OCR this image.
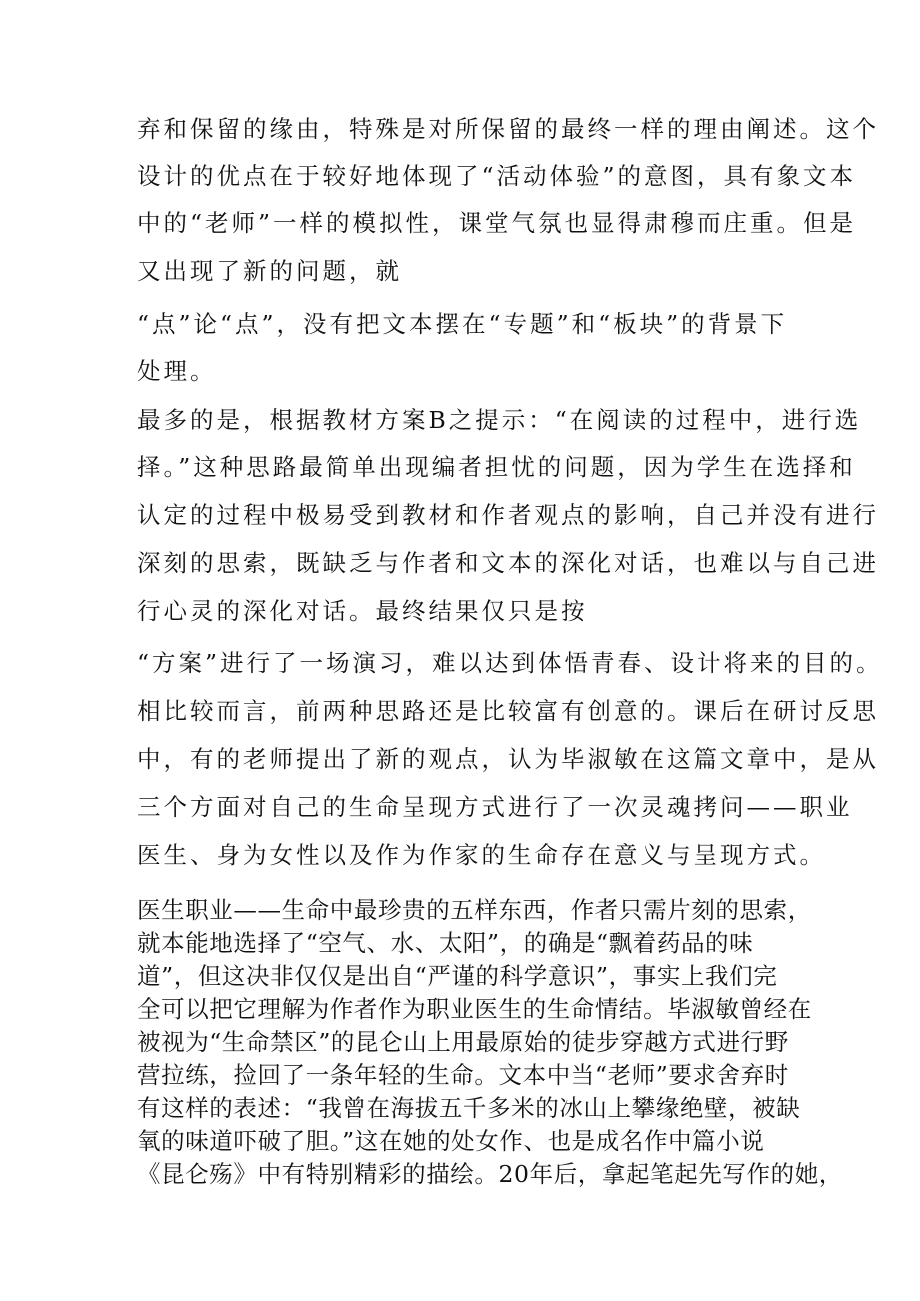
弃和保留的缘由，特殊是对所保留的最终一样的理由阐述。这个
设计的优点在于较好地体现了“活动体验”的意图，具有象文本
中的“老师”一样的模拟性，课堂气氛也显得肃穆而庄重。但是
又出现了新的问题，就
“点”论“点”，没有把文本摆在“专题”和“板块”的背景下
处理。
最多的是，根据教材方案B之提示：“在阅读的过程中，进行选
择。”这种思路最简单出现编者担忧的问题，因为学生在选择和
认定的过程中极易受到教材和作者观点的影响，自己并没有进行
深刻的思索，既缺乏与作者和文本的深化对话，也难以与自己进
行心灵的深化对话。最终结果仅只是按
“方案”进行了一场演习，难以达到体悟青春、设计将来的目的。
相比较而言，前两种思路还是比较富有创意的。课后在研讨反思
中，有的老师提出了新的观点，认为毕淑敏在这篇文章中，是从
三个方面对自己的生命呈现方式进行了一次灵魂拷问——职业
医生、身为女性以及作为作家的生命存在意义与呈现方式。
医生职业——生命中最珍贵的五样东西，作者只需片刻的思索，
就本能地选择了“空气、水、太阳”，的确是“飘着药品的味
道”，但这决非仅仅是出自“严谨的科学意识”，事实上我们完
全可以把它理解为作者作为职业医生的生命情结。毕淑敏曾经在
被视为“生命禁区”的昆仑山上用最原始的徒步穿越方式进行野
营拉练，捡回了一条年轻的生命。文本中当“老师”要求舍弃时
有这样的表述：“我曾在海拔五千多米的冰山上攀缘绝壁，被缺
氧的味道吓破了胆。”这在她的处女作、也是成名作中篇小说
《昆仑殇》中有特别精彩的描绘。20年后，拿起笔起先写作的她，
